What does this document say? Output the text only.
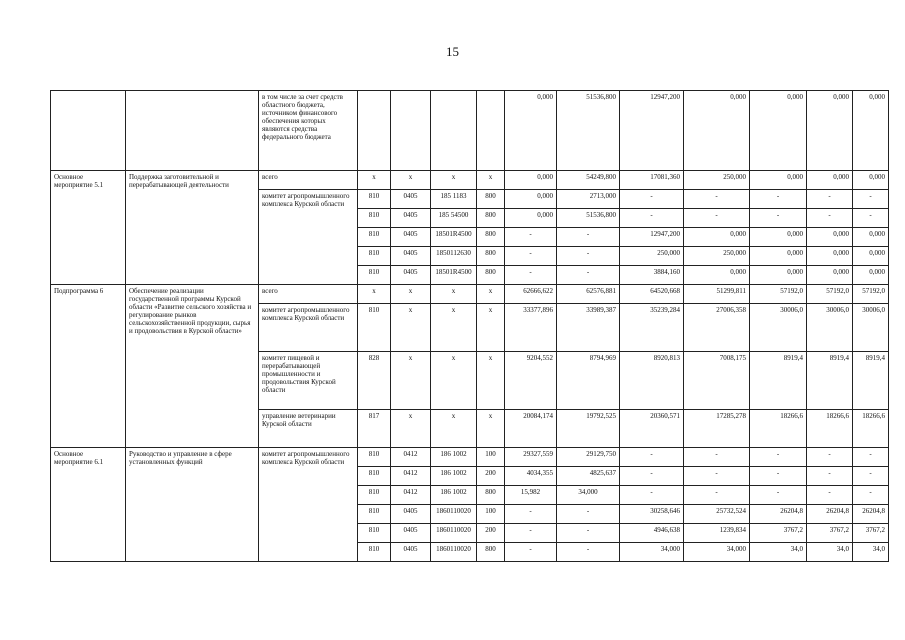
15
		в том числе за счет средств областного бюджета, источником финансового обеспечения которых являются средства федерального бюджета					0,000	51536,800	12947,200	0,000	0,000	0,000	0,000
Основное мероприятие 5.1	Поддержка заготовительной и перерабатывающей деятельности	всего	х	х	х	х	0,000	54249,800	17081,360	250,000	0,000	0,000	0,000
		комитет агропромышленного комплекса Курской области	810	0405	185 1183	800	0,000	2713,000	-	-	-	-	-
			810	0405	185 54500	800	0,000	51536,800	-	-	-	-	-
			810	0405	18501R4500	800	-	-	12947,200	0,000	0,000	0,000	0,000
			810	0405	1850112630	800	-	-	250,000	250,000	0,000	0,000	0,000
			810	0405	18501R4500	800	-	-	3884,160	0,000	0,000	0,000	0,000
Подпрограмма 6	Обеспечение реализации государственной программы Курской области «Развитие сельского хозяйства и регулирование рынков сельскохозяйственной продукции, сырья и продовольствия в Курской области»	всего	х	х	х	х	62666,622	62576,881	64520,668	51299,811	57192,0	57192,0	57192,0
		комитет агропромышленного комплекса Курской области	810	х	х	х	33377,896	33989,387	35239,284	27006,358	30006,0	30006,0	30006,0
		комитет пищевой и перерабатывающей промышленности и продовольствия Курской области	828	х	х	х	9204,552	8794,969	8920,813	7008,175	8919,4	8919,4	8919,4
		управление ветеринарии Курской области	817	х	х	х	20084,174	19792,525	20360,571	17285,278	18266,6	18266,6	18266,6
Основное мероприятие 6.1	Руководство и управление в сфере установленных функций	комитет агропромышленного комплекса Курской области	810	0412	186 1002	100	29327,559	29129,750	-	-	-	-	-
			810	0412	186 1002	200	4034,355	4825,637	-	-	-	-	-
			810	0412	186 1002	800	15,982	34,000	-	-	-	-	-
			810	0405	1860110020	100	-	-	30258,646	25732,524	26204,8	26204,8	26204,8
			810	0405	1860110020	200	-	-	4946,638	1239,834	3767,2	3767,2	3767,2
			810	0405	1860110020	800	-	-	34,000	34,000	34,0	34,0	34,0
